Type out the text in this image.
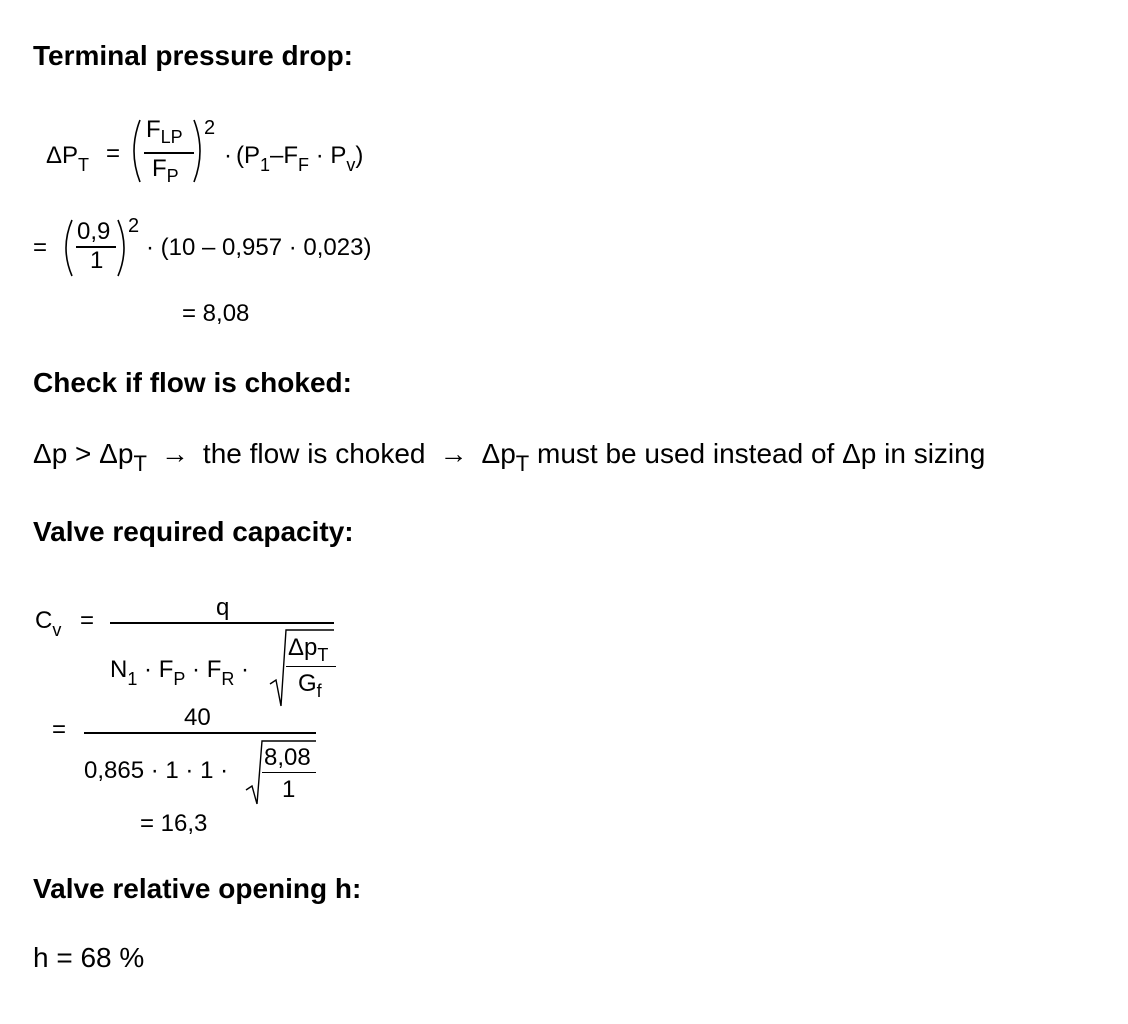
Terminal pressure drop:
$\Delta P_T$ =
$F_{LP}$
$F_P$
2
· $(P_1-F_F \cdot P_v)$
=
0,9
1
2
· (10 – 0,957 · 0,023)
= 8,08
Check if flow is choked:
$\Delta p > \Delta p_T$ → the flow is choked → $\Delta p_T$ must be used instead of Δp in sizing
Valve required capacity:
$C_v$ =	q
$N_1 \cdot F_P \cdot F_R$ ·
$\Delta p_T$
$G_f$
=	40
0,865 · 1 · 1 · 8,08
1
= 16,3
Valve relative opening h:
h = 68 %
